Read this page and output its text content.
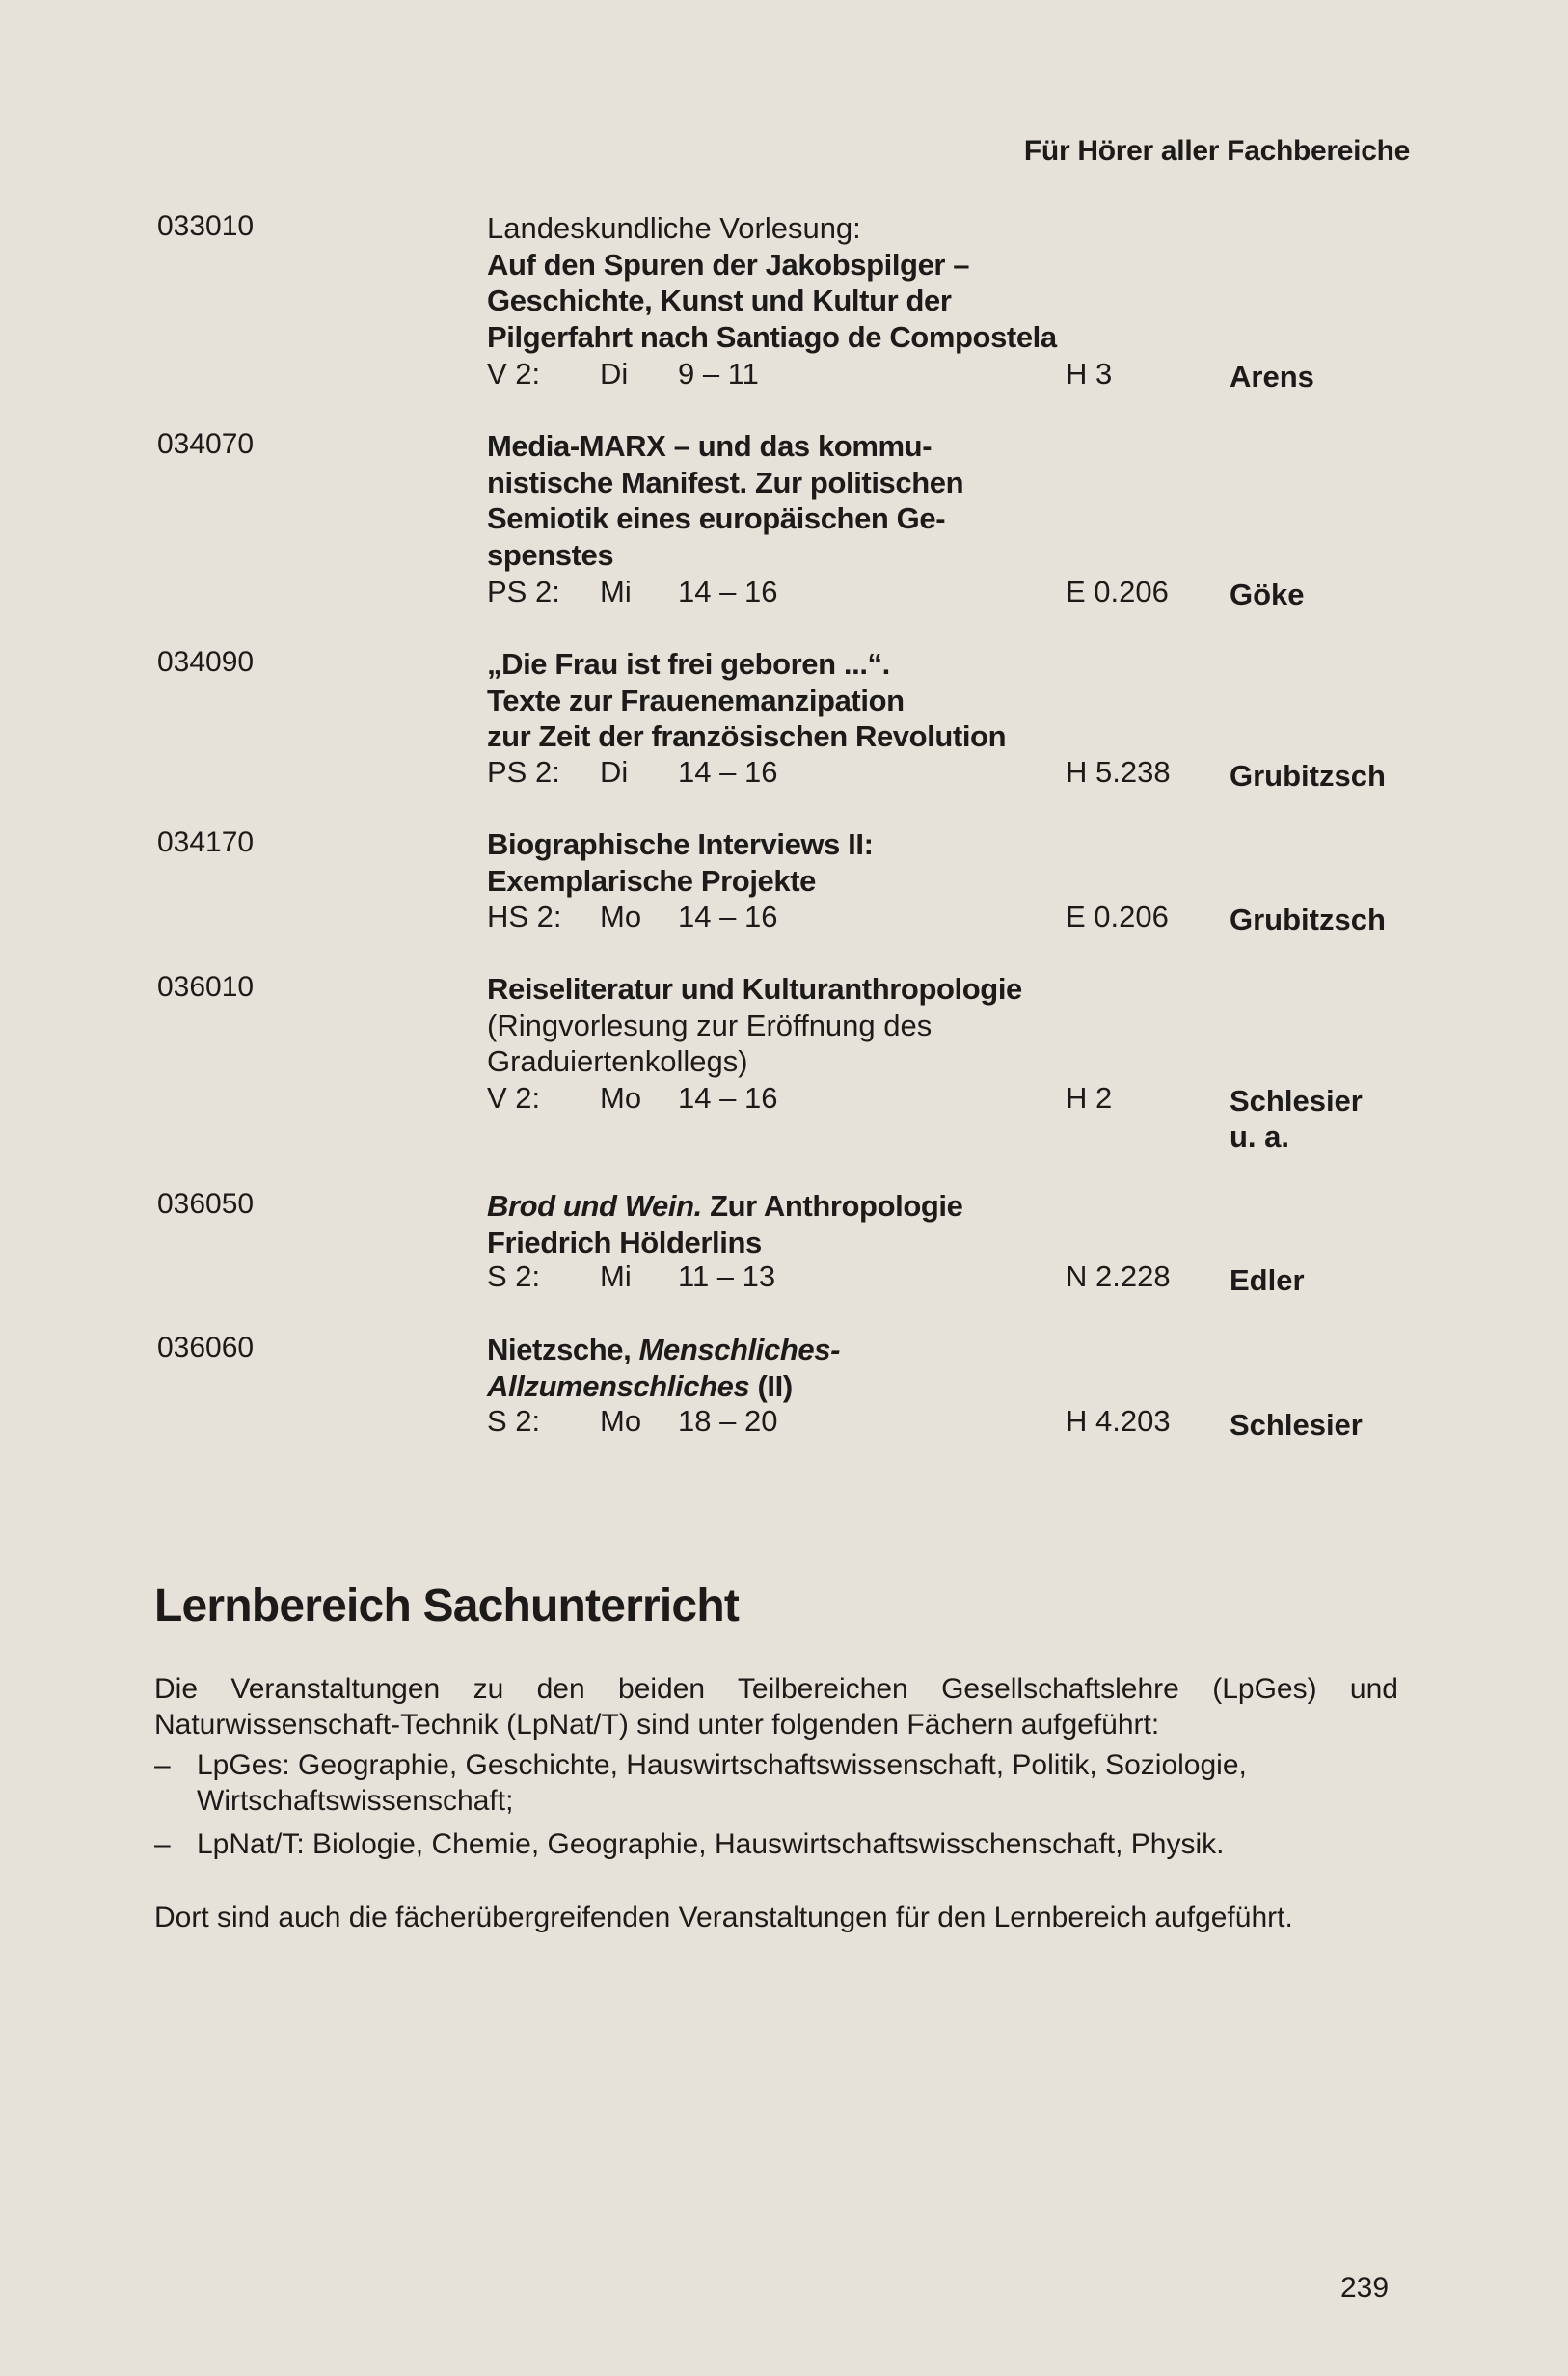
Für Hörer aller Fachbereiche
033010	Landeskundliche Vorlesung:
Auf den Spuren der Jakobspilger –
Geschichte, Kunst und Kultur der
Pilgerfahrt nach Santiago de Compostela
V 2: Di 9 – 11	H 3	Arens
034070	Media-MARX – und das kommu-
nistische Manifest. Zur politischen
Semiotik eines europäischen Ge-
spenstes
PS 2: Mi 14 – 16	E 0.206 Göke
034090	„Die Frau ist frei geboren ...“.
Texte zur Frauenemanzipation
zur Zeit der französischen Revolution
PS 2: Di 14 – 16	H 5.238 Grubitzsch
034170	Biographische Interviews II:
Exemplarische Projekte
HS 2: Mo 14 – 16	E 0.206 Grubitzsch
036010	Reiseliteratur und Kulturanthropologie
(Ringvorlesung zur Eröffnung des
Graduiertenkollegs)
V 2: Mo 14 – 16	H 2	Schlesier
u. a.
036050	Brod und Wein. Zur Anthropologie
Friedrich Hölderlins
S 2: Mi 11 – 13	N 2.228 Edler
036060	Nietzsche, Menschliches-
Allzumenschliches (II)
S 2: Mo 18 – 20	H 4.203 Schlesier
Lernbereich Sachunterricht
Die Veranstaltungen zu den beiden Teilbereichen Gesellschaftslehre (LpGes) und Naturwissenschaft-Technik (LpNat/T) sind unter folgenden Fächern aufgeführt:
– LpGes: Geographie, Geschichte, Hauswirtschaftswissenschaft, Politik, Soziologie, Wirtschaftswissenschaft;
– LpNat/T: Biologie, Chemie, Geographie, Hauswirtschaftswisschenschaft, Physik.
Dort sind auch die fächerübergreifenden Veranstaltungen für den Lernbereich aufgeführt.
239
